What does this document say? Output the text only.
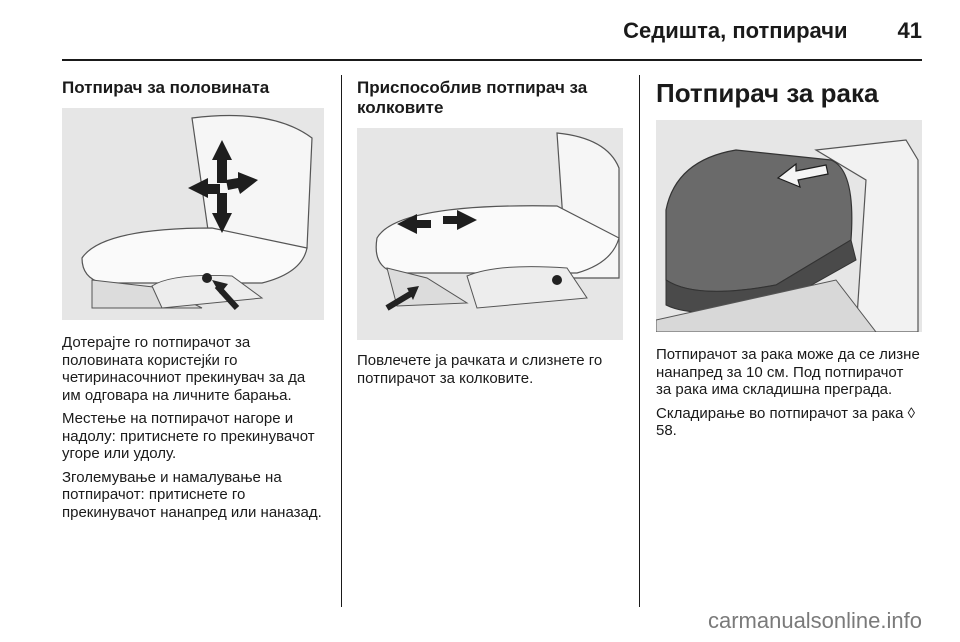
Седишта, потпирачи 41
Потпирач за половината

Дотерајте го потпирачот за половината користејќи го четиринасочниот прекинувач за да им одговара на личните барања.

Местење на потпирачот нагоре и надолу: притиснете го прекинувачот угоре или удолу.

Зголемување и намалување на потпирачот: притиснете го прекинувачот нанапред или наназад.

Приспособлив потпирач за колковите

Повлечете ја рачката и слизнете го потпирачот за колковите.

Потпирач за рака

Потпирачот за рака може да се лизне нанапред за 10 см. Под потпирачот за рака има складишна преграда.

Складирање во потпирачот за рака ◊ 58.

carmanualsonline.info
